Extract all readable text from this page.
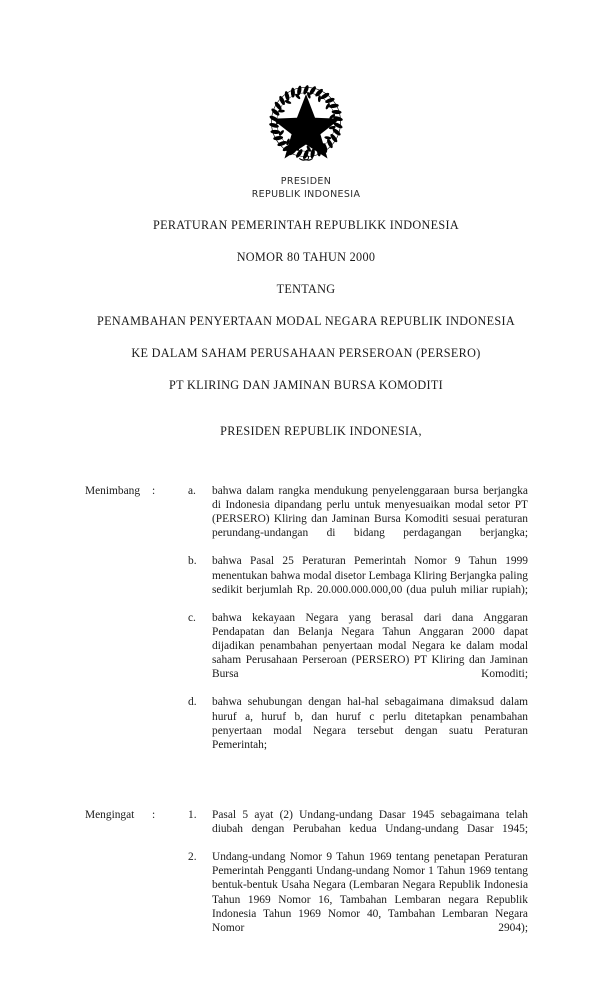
PRESIDEN
REPUBLIK INDONESIA
PERATURAN PEMERINTAH REPUBLIKK INDONESIA
NOMOR 80 TAHUN 2000
TENTANG
PENAMBAHAN PENYERTAAN MODAL NEGARA REPUBLIK INDONESIA
KE DALAM SAHAM PERUSAHAAN PERSEROAN (PERSERO)
PT KLIRING DAN JAMINAN BURSA KOMODITI
PRESIDEN REPUBLIK INDONESIA,
Menimbang	:	a.	bahwa dalam rangka mendukung penyelenggaraan bursa berjangka di Indonesia dipandang perlu untuk menyesuaikan modal setor PT (PERSERO) Kliring dan Jaminan Bursa Komoditi sesuai peraturan perundang-undangan di bidang perdagangan berjangka;
b.	bahwa Pasal 25 Peraturan Pemerintah Nomor 9 Tahun 1999 menentukan bahwa modal disetor Lembaga Kliring Berjangka paling sedikit berjumlah Rp. 20.000.000.000,00 (dua puluh miliar rupiah);
c.	bahwa kekayaan Negara yang berasal dari dana Anggaran Pendapatan dan Belanja Negara Tahun Anggaran 2000 dapat dijadikan penambahan penyertaan modal Negara ke dalam modal saham Perusahaan Perseroan (PERSERO) PT Kliring dan Jaminan Bursa Komoditi;
d.	bahwa sehubungan dengan hal-hal sebagaimana dimaksud dalam huruf a, huruf b, dan huruf c perlu ditetapkan penambahan penyertaan modal Negara tersebut dengan suatu Peraturan Pemerintah;
Mengingat	:	1.	Pasal 5 ayat (2) Undang-undang Dasar 1945 sebagaimana telah diubah dengan Perubahan kedua Undang-undang Dasar 1945;
2.	Undang-undang Nomor 9 Tahun 1969 tentang penetapan Peraturan Pemerintah Pengganti Undang-undang Nomor 1 Tahun 1969 tentang bentuk-bentuk Usaha Negara (Lembaran Negara Republik Indonesia Tahun 1969 Nomor 16, Tambahan Lembaran negara Republik Indonesia Tahun 1969 Nomor 40, Tambahan Lembaran Negara Nomor 2904);
